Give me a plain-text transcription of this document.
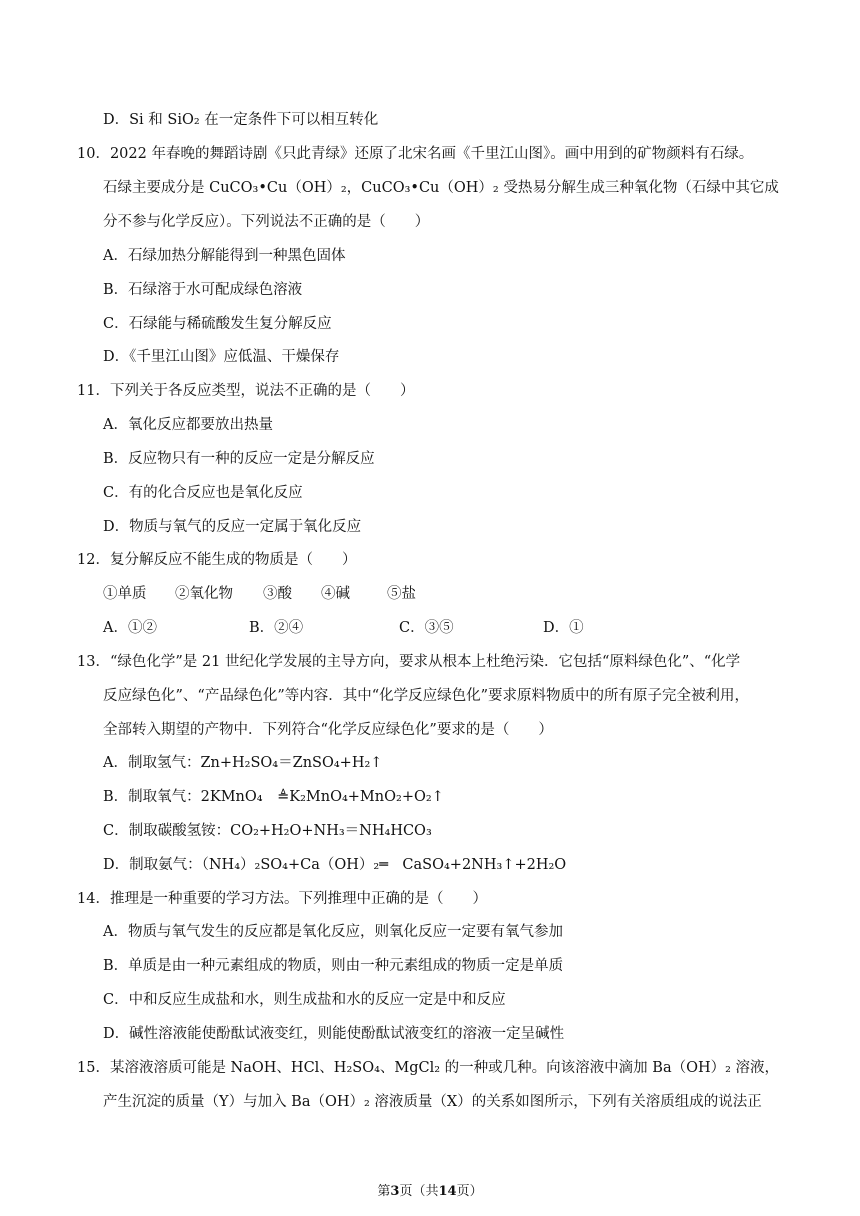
D．Si 和 SiO₂ 在一定条件下可以相互转化
10．2022 年春晚的舞蹈诗剧《只此青绿》还原了北宋名画《千里江山图》。画中用到的矿物颜料有石绿。
石绿主要成分是 CuCO₃•Cu（OH）₂，CuCO₃•Cu（OH）₂ 受热易分解生成三种氧化物（石绿中其它成
分不参与化学反应）。下列说法不正确的是（　　）
A．石绿加热分解能得到一种黑色固体
B．石绿溶于水可配成绿色溶液
C．石绿能与稀硫酸发生复分解反应
D．《千里江山图》应低温、干燥保存
11．下列关于各反应类型，说法不正确的是（　　）
A．氧化反应都要放出热量
B．反应物只有一种的反应一定是分解反应
C．有的化合反应也是氧化反应
D．物质与氧气的反应一定属于氧化反应
12．复分解反应不能生成的物质是（　　）
①单质 ②氧化物 ③酸 ④碱	⑤盐
A．①②	B．②④	C．③⑤	D．①
13．“绿色化学”是 21 世纪化学发展的主导方向，要求从根本上杜绝污染．它包括“原料绿色化”、“化学
反应绿色化”、“产品绿色化”等内容．其中“化学反应绿色化”要求原料物质中的所有原子完全被利用，
全部转入期望的产物中．下列符合“化学反应绿色化”要求的是（　　）
A．制取氢气：Zn+H₂SO₄＝ZnSO₄+H₂↑
B．制取氧气：2KMnO₄　≜K₂MnO₄+MnO₂+O₂↑
C．制取碳酸氢铵：CO₂+H₂O+NH₃＝NH₄HCO₃
D．制取氨气：（NH₄）₂SO₄+Ca（OH）₂═　CaSO₄+2NH₃↑+2H₂O
14．推理是一种重要的学习方法。下列推理中正确的是（　　）
A．物质与氧气发生的反应都是氧化反应，则氧化反应一定要有氧气参加
B．单质是由一种元素组成的物质，则由一种元素组成的物质一定是单质
C．中和反应生成盐和水，则生成盐和水的反应一定是中和反应
D．碱性溶液能使酚酞试液变红，则能使酚酞试液变红的溶液一定呈碱性
15．某溶液溶质可能是 NaOH、HCl、H₂SO₄、MgCl₂ 的一种或几种。向该溶液中滴加 Ba（OH）₂ 溶液，
产生沉淀的质量（Y）与加入 Ba（OH）₂ 溶液质量（X）的关系如图所示，下列有关溶质组成的说法正
第3页（共14页）
